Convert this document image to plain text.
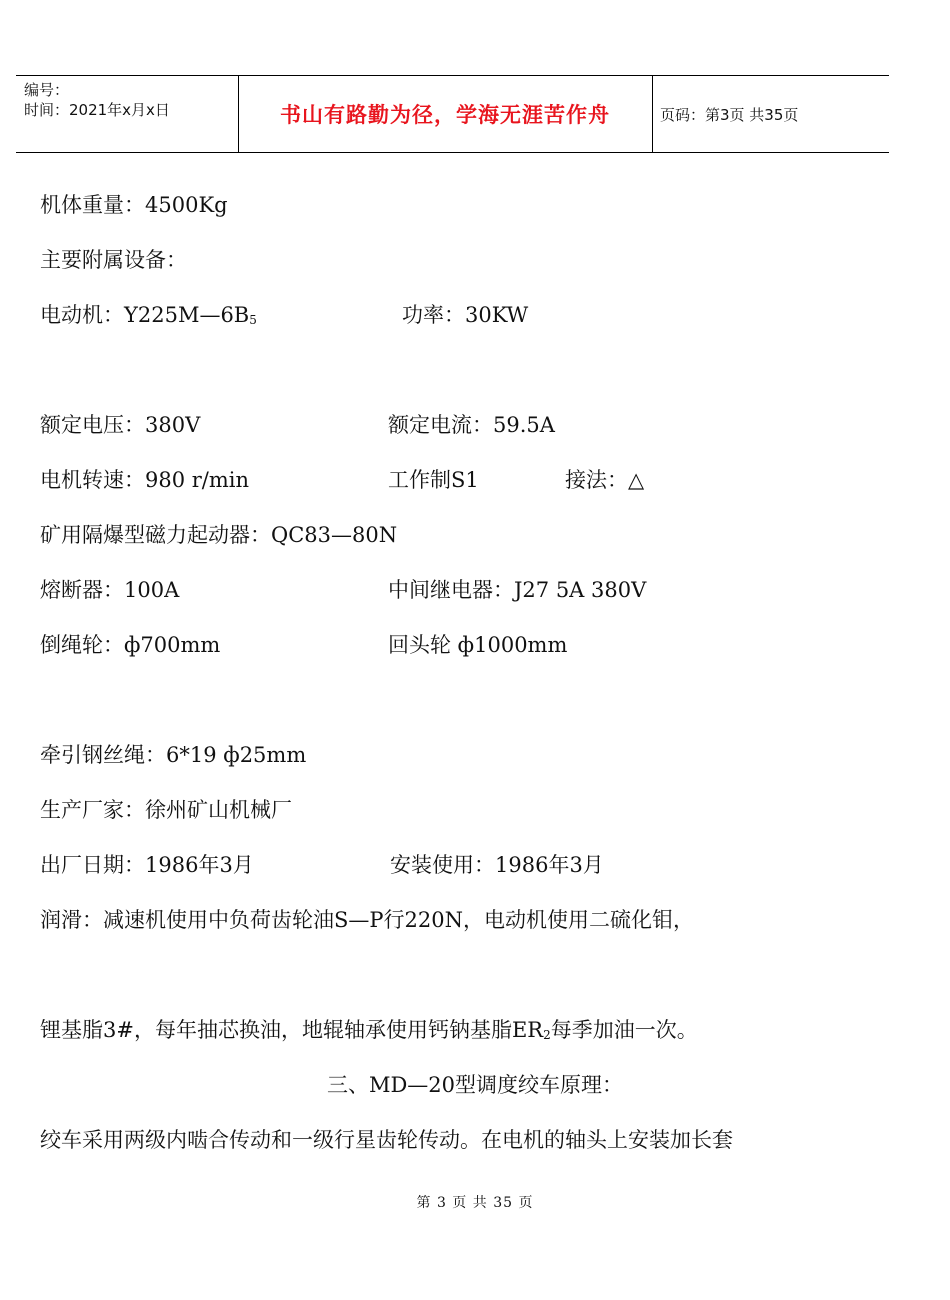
编号：
时间：2021年x月x日	书山有路勤为径，学海无涯苦作舟	页码：第3页 共35页
机体重量：4500Kg
主要附属设备：
电动机：$Y225M—6B_5$	功率：30KW
额定电压：380V	额定电流：59.5A
电机转速：980 r/min	工作制S1	接法：△
矿用隔爆型磁力起动器：QC83—80N
熔断器：100A	中间继电器：J27 5A 380V
倒绳轮：ф700mm	回头轮 ф1000mm
牵引钢丝绳：6*19 ф25mm
生产厂家：徐州矿山机械厂
出厂日期：1986年3月	安装使用：1986年3月
润滑：减速机使用中负荷齿轮油S—P行220N，电动机使用二硫化钼，
锂基脂3#，每年抽芯换油，地辊轴承使用钙钠基脂$ER_2$每季加油一次。
三、MD—20型调度绞车原理：
绞车采用两级内啮合传动和一级行星齿轮传动。在电机的轴头上安装加长套
第 3 页 共 35 页
